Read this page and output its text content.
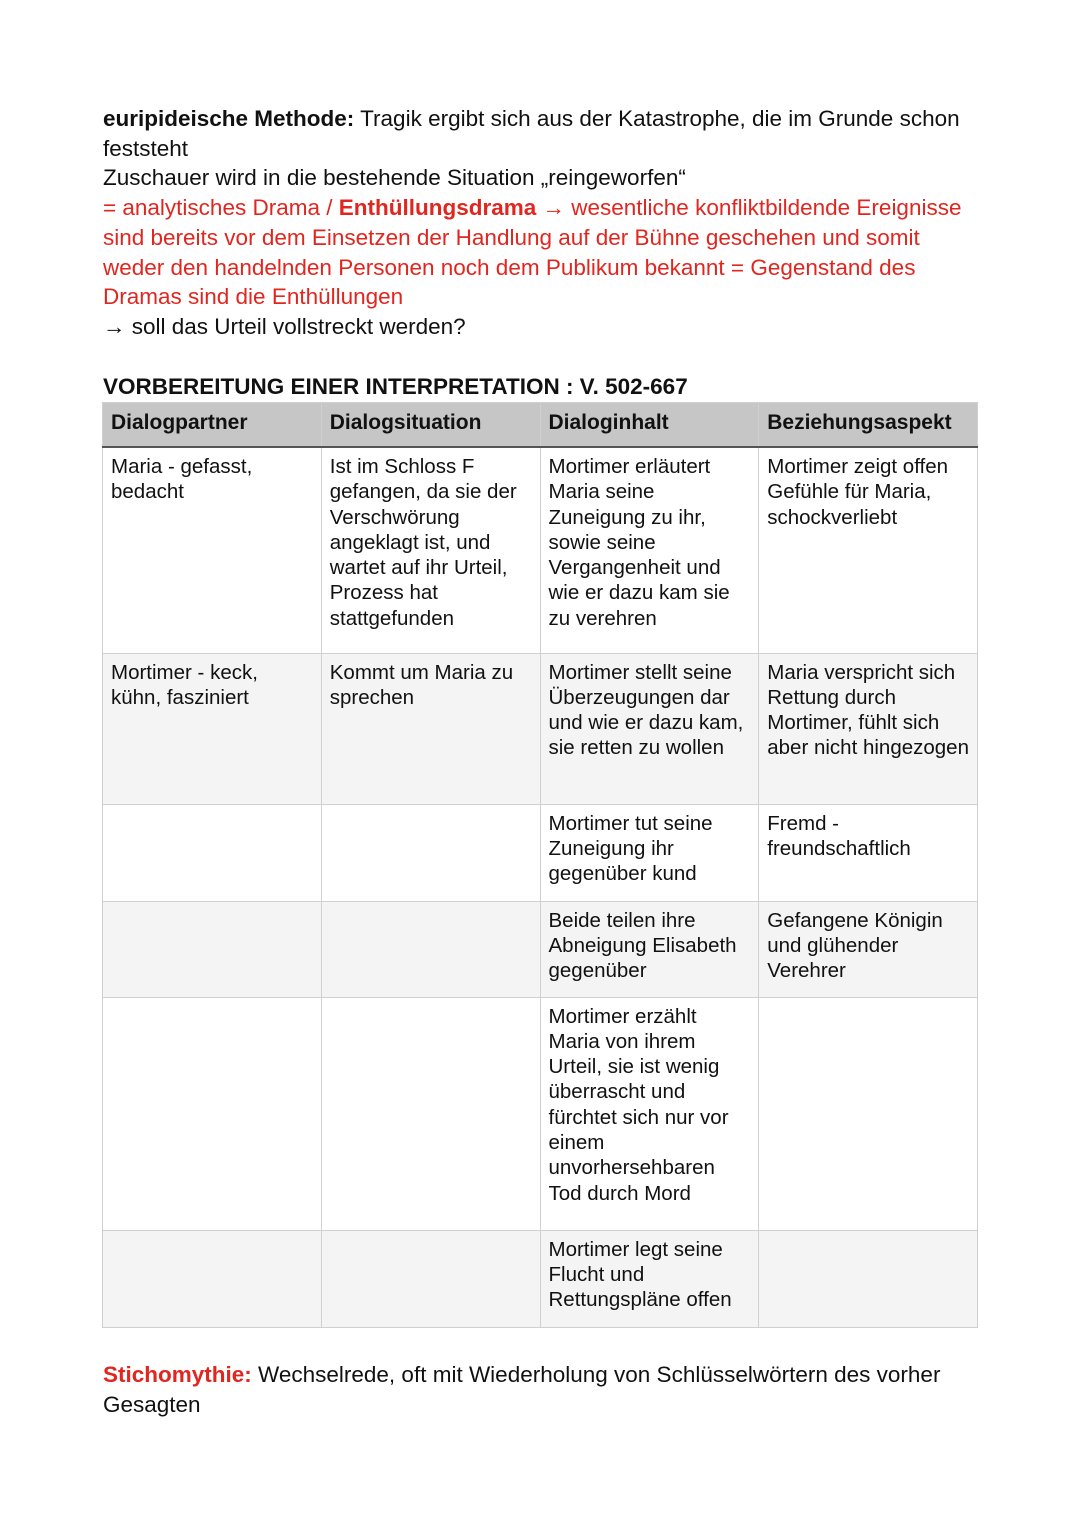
euripideische Methode: Tragik ergibt sich aus der Katastrophe, die im Grunde schon feststeht

Zuschauer wird in die bestehende Situation „reingeworfen“

= analytisches Drama / Enthüllungsdrama → wesentliche konfliktbildende Ereignisse sind bereits vor dem Einsetzen der Handlung auf der Bühne geschehen und somit weder den handelnden Personen noch dem Publikum bekannt = Gegenstand des Dramas sind die Enthüllungen

→ soll das Urteil vollstreckt werden?

VORBEREITUNG EINER INTERPRETATION : V. 502-667
Dialogpartner	Dialogsituation	Dialoginhalt	Beziehungsaspekt
Maria - gefasst, bedacht	Ist im Schloss F gefangen, da sie der Verschwörung angeklagt ist, und wartet auf ihr Urteil, Prozess hat stattgefunden	Mortimer erläutert Maria seine Zuneigung zu ihr, sowie seine Vergangenheit und wie er dazu kam sie zu verehren	Mortimer zeigt offen Gefühle für Maria, schockverliebt
Mortimer - keck, kühn, fasziniert	Kommt um Maria zu sprechen	Mortimer stellt seine Überzeugungen dar und wie er dazu kam, sie retten zu wollen	Maria verspricht sich Rettung durch Mortimer, fühlt sich aber nicht hingezogen
		Mortimer tut seine Zuneigung ihr gegenüber kund	Fremd - freundschaftlich
		Beide teilen ihre Abneigung Elisabeth gegenüber	Gefangene Königin und glühender Verehrer
		Mortimer erzählt Maria von ihrem Urteil, sie ist wenig überrascht und fürchtet sich nur vor einem unvorhersehbaren Tod durch Mord	
		Mortimer legt seine Flucht und Rettungspläne offen	

Stichomythie: Wechselrede, oft mit Wiederholung von Schlüsselwörtern des vorher Gesagten
